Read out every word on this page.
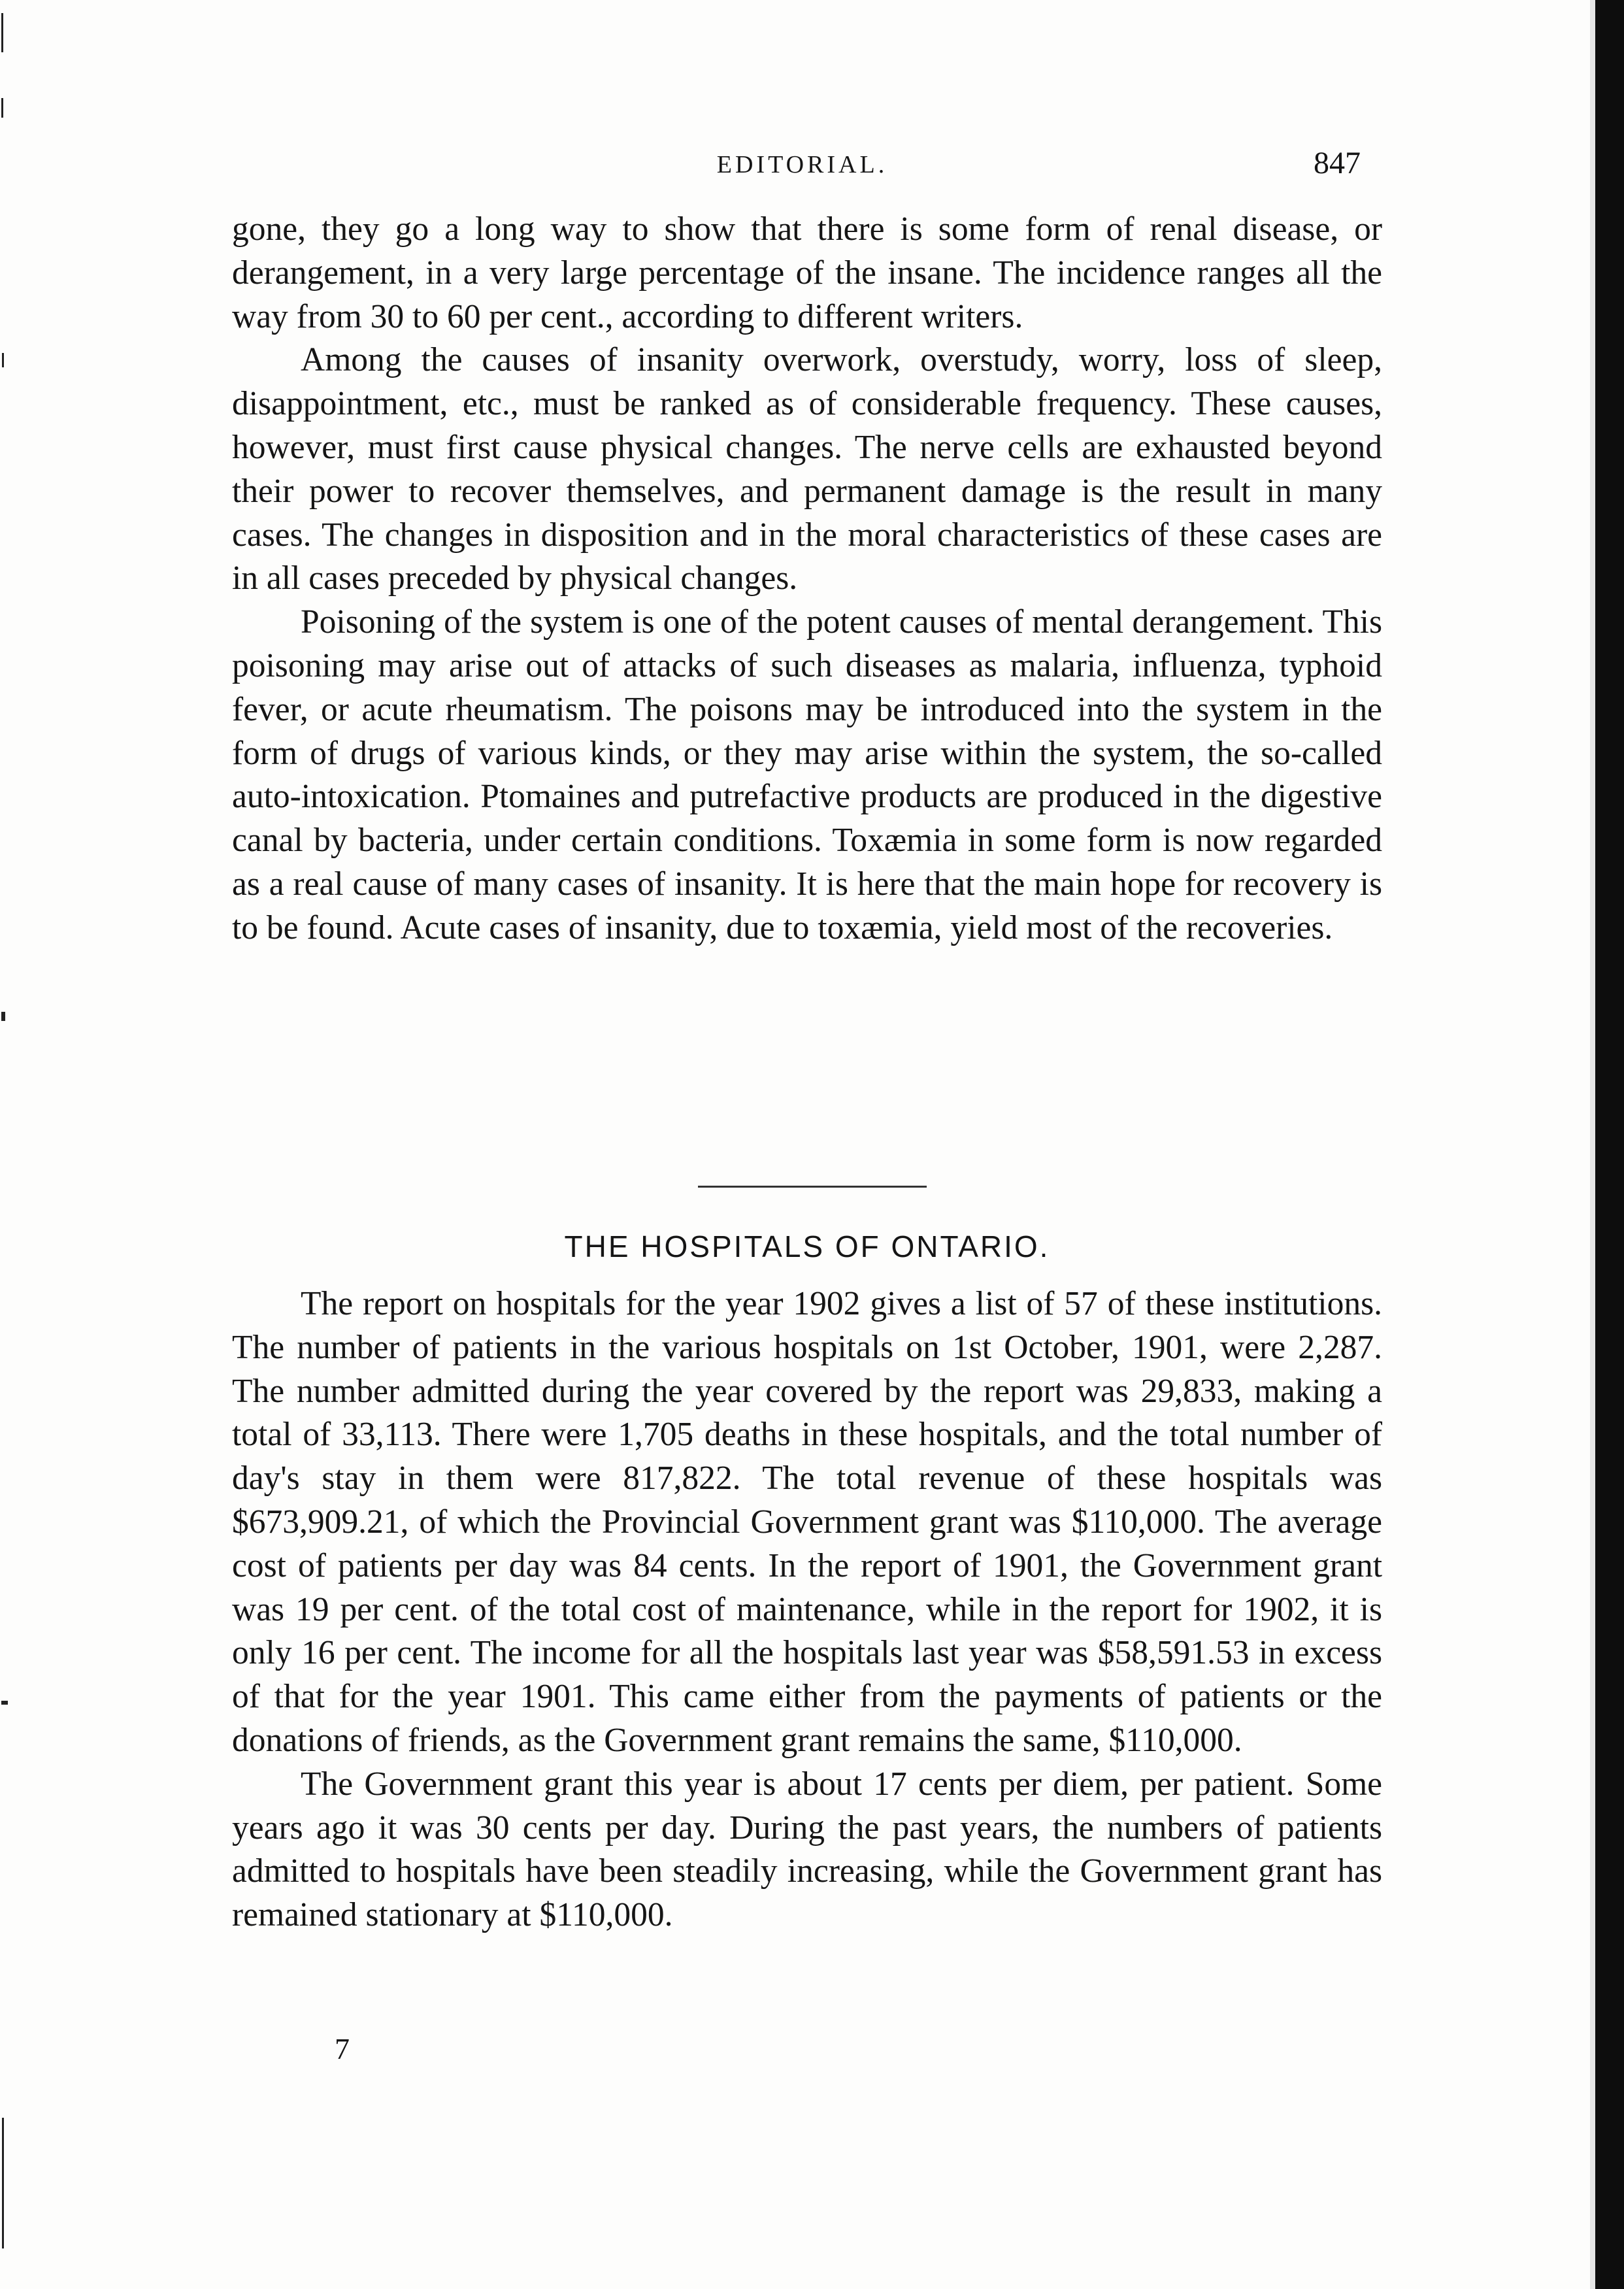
EDITORIAL.	847

gone, they go a long way to show that there is some form of renal disease, or derangement, in a very large percentage of the insane. The incidence ranges all the way from 30 to 60 per cent., according to different writers.

Among the causes of insanity overwork, overstudy, worry, loss of sleep, disappointment, etc., must be ranked as of considerable frequency. These causes, however, must first cause physical changes. The nerve cells are exhausted beyond their power to recover themselves, and permanent damage is the result in many cases. The changes in disposition and in the moral characteristics of these cases are in all cases preceded by physical changes.

Poisoning of the system is one of the potent causes of mental derangement. This poisoning may arise out of attacks of such diseases as malaria, influenza, typhoid fever, or acute rheumatism. The poisons may be introduced into the system in the form of drugs of various kinds, or they may arise within the system, the so-called auto-intoxication. Ptomaines and putrefactive products are produced in the digestive canal by bacteria, under certain conditions. Toxæmia in some form is now regarded as a real cause of many cases of insanity. It is here that the main hope for recovery is to be found. Acute cases of insanity, due to toxæmia, yield most of the recoveries.

THE HOSPITALS OF ONTARIO.

The report on hospitals for the year 1902 gives a list of 57 of these institutions. The number of patients in the various hospitals on 1st October, 1901, were 2,287. The number admitted during the year covered by the report was 29,833, making a total of 33,113. There were 1,705 deaths in these hospitals, and the total number of day's stay in them were 817,822. The total revenue of these hospitals was $673,909.21, of which the Provincial Government grant was $110,000. The average cost of patients per day was 84 cents. In the report of 1901, the Government grant was 19 per cent. of the total cost of maintenance, while in the report for 1902, it is only 16 per cent. The income for all the hospitals last year was $58,591.53 in excess of that for the year 1901. This came either from the payments of patients or the donations of friends, as the Government grant remains the same, $110,000.

The Government grant this year is about 17 cents per diem, per patient. Some years ago it was 30 cents per day. During the past years, the numbers of patients admitted to hospitals have been steadily increasing, while the Government grant has remained stationary at $110,000.

7
